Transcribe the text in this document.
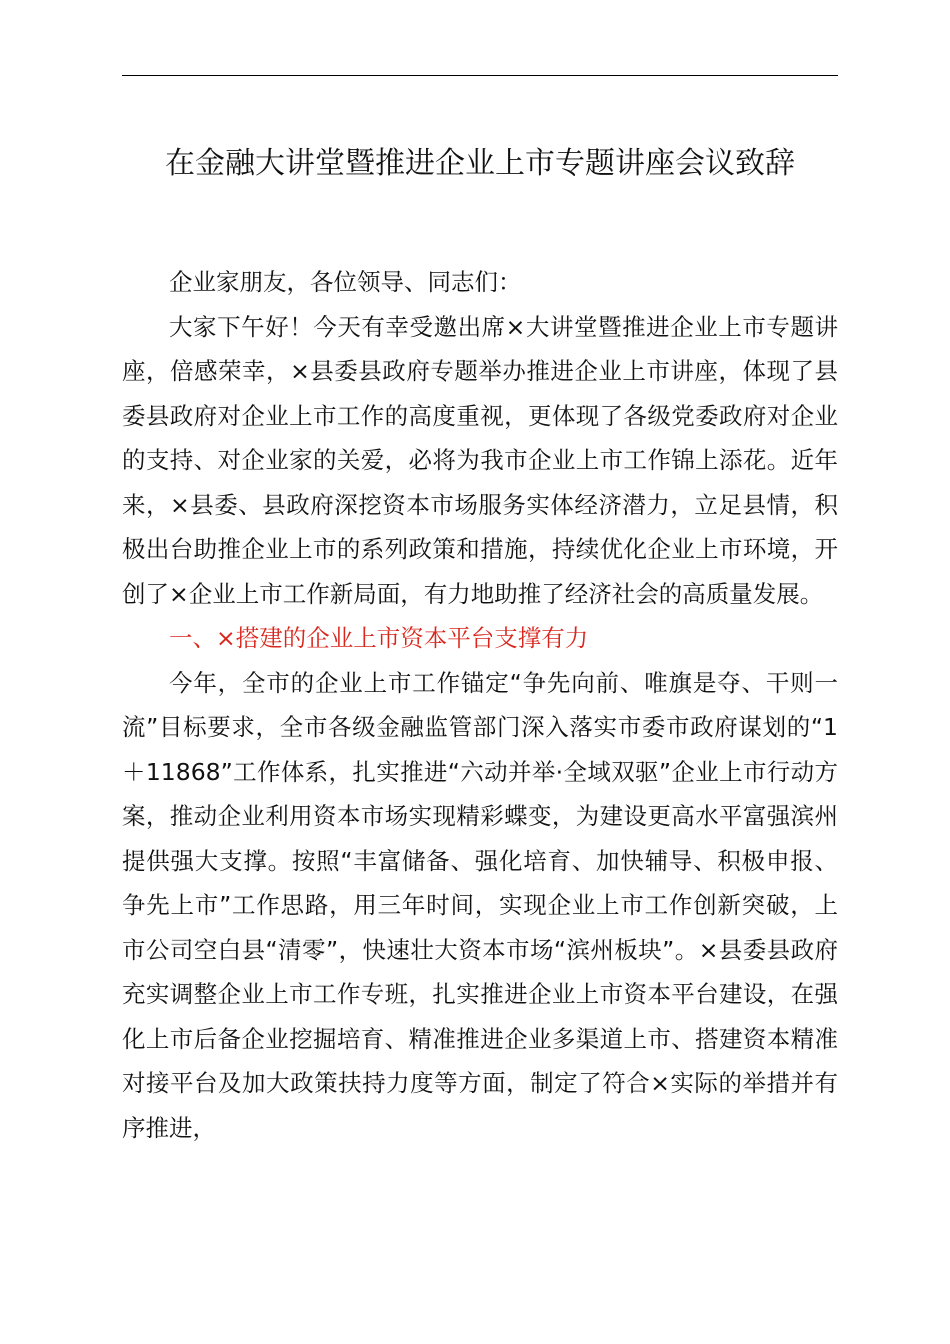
在金融大讲堂暨推进企业上市专题讲座会议致辞

企业家朋友，各位领导、同志们：

大家下午好！今天有幸受邀出席×大讲堂暨推进企业上市专题讲座，倍感荣幸，×县委县政府专题举办推进企业上市讲座，体现了县委县政府对企业上市工作的高度重视，更体现了各级党委政府对企业的支持、对企业家的关爱，必将为我市企业上市工作锦上添花。近年来，×县委、县政府深挖资本市场服务实体经济潜力，立足县情，积极出台助推企业上市的系列政策和措施，持续优化企业上市环境，开创了×企业上市工作新局面，有力地助推了经济社会的高质量发展。

一、×搭建的企业上市资本平台支撑有力

今年，全市的企业上市工作锚定“争先向前、唯旗是夺、干则一流”目标要求，全市各级金融监管部门深入落实市委市政府谋划的“1＋11868”工作体系，扎实推进“六动并举·全域双驱”企业上市行动方案，推动企业利用资本市场实现精彩蝶变，为建设更高水平富强滨州提供强大支撑。按照“丰富储备、强化培育、加快辅导、积极申报、争先上市”工作思路，用三年时间，实现企业上市工作创新突破，上市公司空白县“清零”，快速壮大资本市场“滨州板块”。×县委县政府充实调整企业上市工作专班，扎实推进企业上市资本平台建设，在强化上市后备企业挖掘培育、精准推进企业多渠道上市、搭建资本精准对接平台及加大政策扶持力度等方面，制定了符合×实际的举措并有序推进，
